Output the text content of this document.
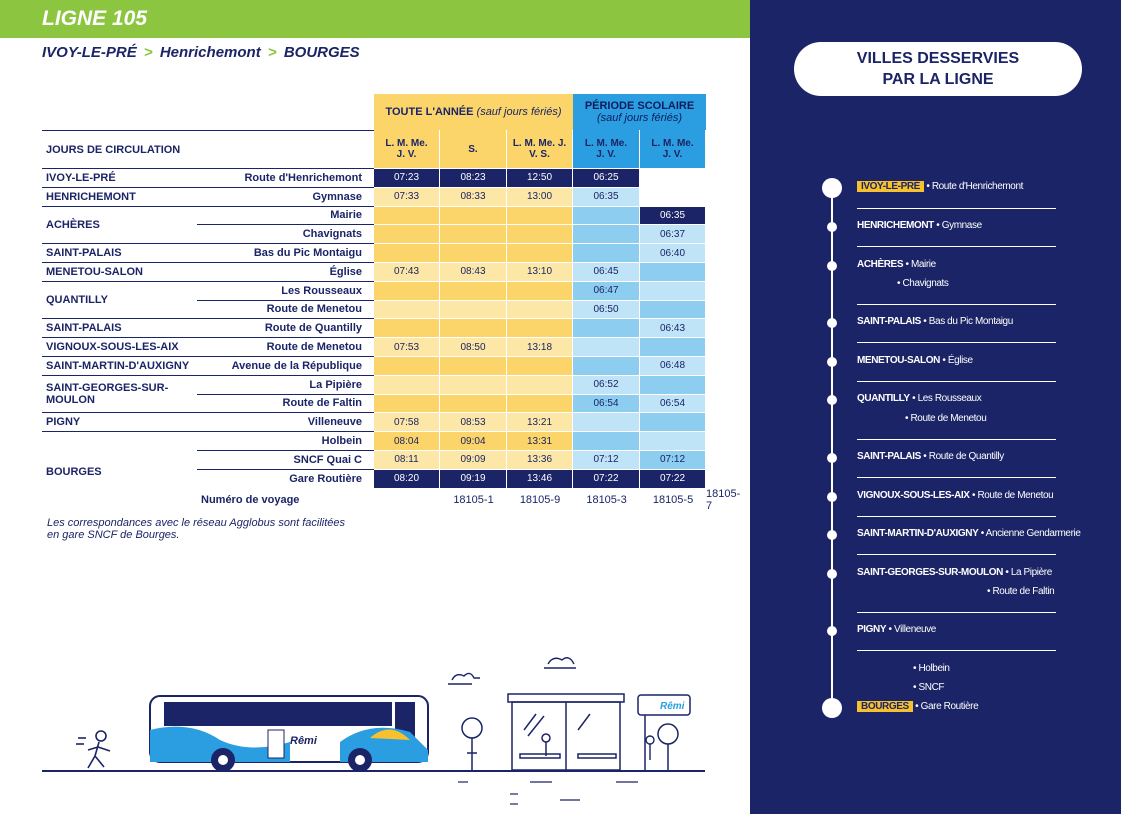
LIGNE 105
IVOY-LE-PRÉ > Henrichemont > BOURGES
		TOUTE L'ANNÉE (sauf jours fériés)			PÉRIODE SCOLAIRE
(sauf jours fériés)		
JOURS DE CIRCULATION		L. M. Me.
J. V.	S.	L. M. Me. J.
V. S.	L. M. Me.
J. V.	L. M. Me.
J. V.	
IVOY-LE-PRÉ	Route d'Henrichemont	07:23	08:23	12:50	06:25		
HENRICHEMONT	Gymnase	07:33	08:33	13:00	06:35		
ACHÈRES	Mairie					06:35	
	Chavignats					06:37	
SAINT-PALAIS	Bas du Pic Montaigu					06:40	
MENETOU-SALON	Église	07:43	08:43	13:10	06:45		
QUANTILLY	Les Rousseaux				06:47		
	Route de Menetou				06:50		
SAINT-PALAIS	Route de Quantilly					06:43	
VIGNOUX-SOUS-LES-AIX	Route de Menetou	07:53	08:50	13:18			
SAINT-MARTIN-D'AUXIGNY	Avenue de la République					06:48	
SAINT-GEORGES-SUR-MOULON	La Pipière				06:52		
	Route de Faltin				06:54	06:54	
PIGNY	Villeneuve	07:58	08:53	13:21			
BOURGES	Holbein	08:04	09:04	13:31			
	SNCF Quai C	08:11	09:09	13:36	07:12	07:12	
	Gare Routière	08:20	09:19	13:46	07:22	07:22	
	Numéro de voyage		18105-1	18105-9	18105-3	18105-5	18105-7
Les correspondances avec le réseau Agglobus sont facilitées en gare SNCF de Bourges.
Rêmi
Rêmi
VILLES DESSERVIES
PAR LA LIGNE
IVOY-LE-PRÉ • Route d'Henrichemont
HENRICHEMONT • Gymnase
ACHÈRES • Mairie
• Chavignats
SAINT-PALAIS • Bas du Pic Montaigu
MENETOU-SALON • Église
QUANTILLY • Les Rousseaux
• Route de Menetou
SAINT-PALAIS • Route de Quantilly
VIGNOUX-SOUS-LES-AIX • Route de Menetou
SAINT-MARTIN-D'AUXIGNY • Ancienne Gendarmerie
SAINT-GEORGES-SUR-MOULON • La Pipière
• Route de Faltin
PIGNY • Villeneuve
• Holbein
• SNCF
BOURGES • Gare Routière
